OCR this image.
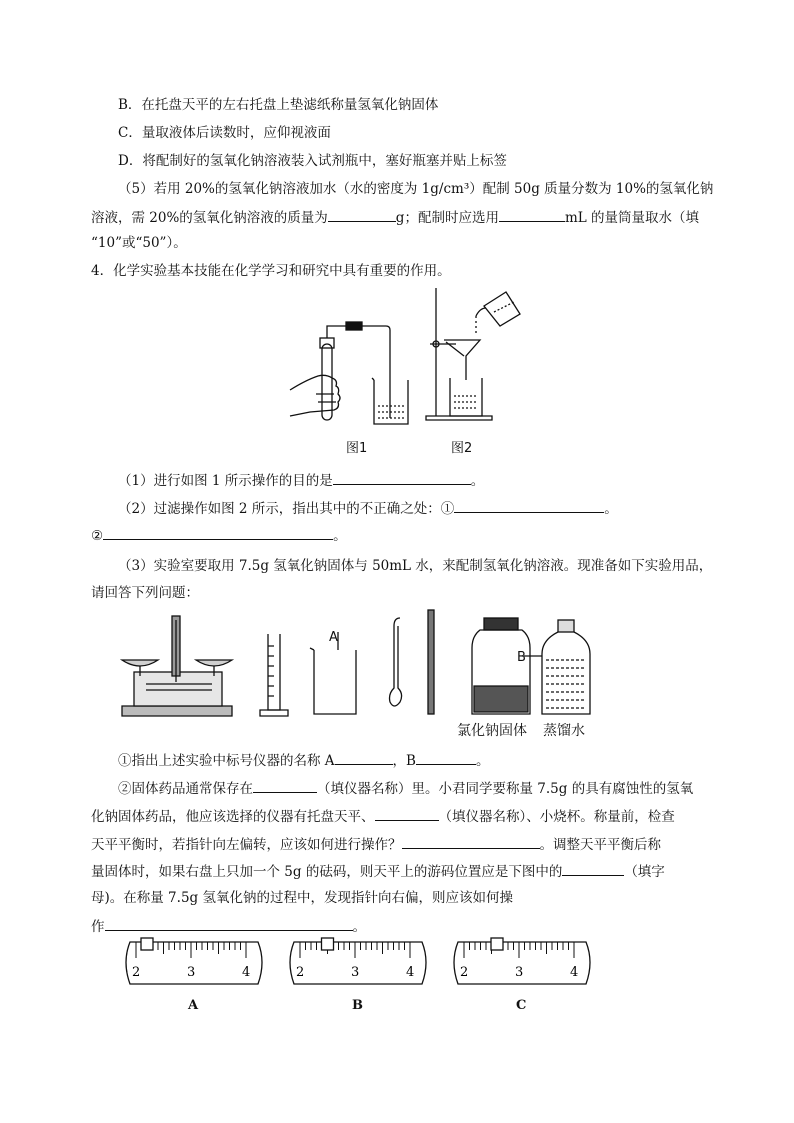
B．在托盘天平的左右托盘上垫滤纸称量氢氧化钠固体
C．量取液体后读数时，应仰视液面
D．将配制好的氢氧化钠溶液装入试剂瓶中，塞好瓶塞并贴上标签
（5）若用 20%的氢氧化钠溶液加水（水的密度为 1g/cm³）配制 50g 质量分数为 10%的氢氧化钠
溶液，需 20%的氢氧化钠溶液的质量为	g；配制时应选用	mL 的量筒量取水（填
“10”或“50”）。
4．化学实验基本技能在化学学习和研究中具有重要的作用。
图1	图2
（1）进行如图 1 所示操作的目的是	。
（2）过滤操作如图 2 所示，指出其中的不正确之处：①	。
②	。
（3）实验室要取用 7.5g 氢氧化钠固体与 50mL 水，来配制氢氧化钠溶液。现准备如下实验用品，
请回答下列问题：
A
B
氯化钠固体 蒸馏水
①指出上述实验中标号仪器的名称 A	，B	。
②固体药品通常保存在	（填仪器名称）里。小君同学要称量 7.5g 的具有腐蚀性的氢氧
化钠固体药品，他应该选择的仪器有托盘天平、	（填仪器名称）、小烧杯。称量前，检查
天平平衡时，若指针向左偏转，应该如何进行操作？	。调整天平平衡后称
量固体时，如果右盘上只加一个 5g 的砝码，则天平上的游码位置应是下图中的	（填字
母)。在称量 7.5g 氢氧化钠的过程中，发现指针向右偏，则应该如何操
作	。
2	3	4
A
2	3	4
B
2	3	4
C
